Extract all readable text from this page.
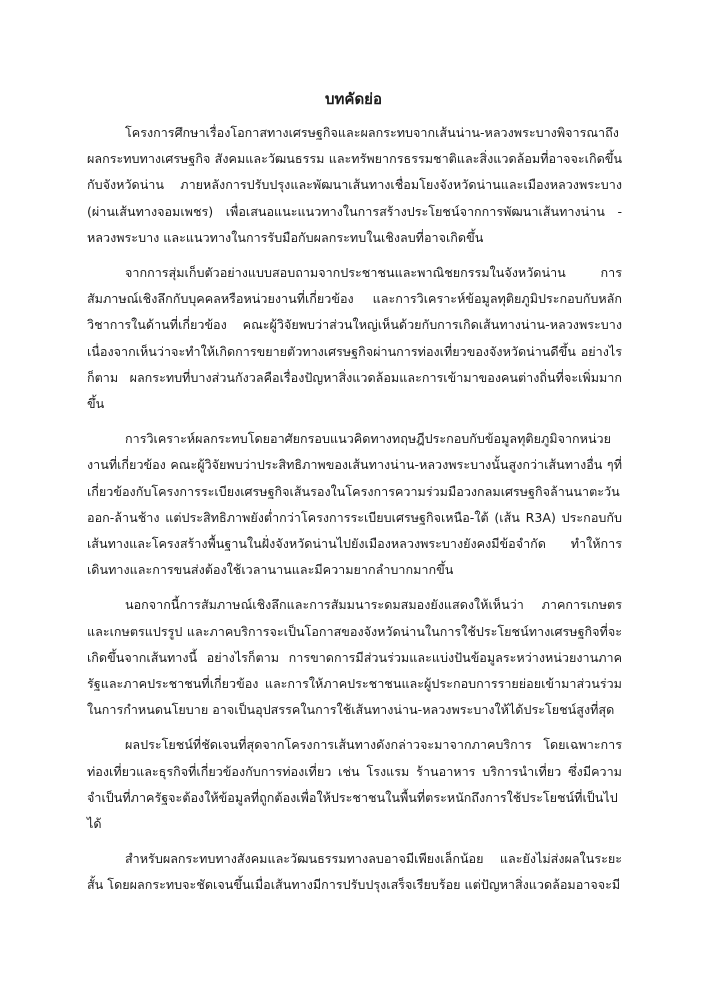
บทคัดย่อ

โครงการศึกษาเรื่องโอกาสทางเศรษฐกิจและผลกระทบจากเส้นน่าน-หลวงพระบางพิจารณาถึงผลกระทบทางเศรษฐกิจ สังคมและวัฒนธรรม และทรัพยากรธรรมชาติและสิ่งแวดล้อมที่อาจจะเกิดขึ้นกับจังหวัดน่าน ภายหลังการปรับปรุงและพัฒนาเส้นทางเชื่อมโยงจังหวัดน่านและเมืองหลวงพระบาง (ผ่านเส้นทางจอมเพชร) เพื่อเสนอแนะแนวทางในการสร้างประโยชน์จากการพัฒนาเส้นทางน่าน - หลวงพระบาง และแนวทางในการรับมือกับผลกระทบในเชิงลบที่อาจเกิดขึ้น

จากการสุ่มเก็บตัวอย่างแบบสอบถามจากประชาชนและพาณิชยกรรมในจังหวัดน่าน การสัมภาษณ์เชิงลึกกับบุคคลหรือหน่วยงานที่เกี่ยวข้อง และการวิเคราะห์ข้อมูลทุติยภูมิประกอบกับหลักวิชาการในด้านที่เกี่ยวข้อง คณะผู้วิจัยพบว่าส่วนใหญ่เห็นด้วยกับการเกิดเส้นทางน่าน-หลวงพระบาง เนื่องจากเห็นว่าจะทำให้เกิดการขยายตัวทางเศรษฐกิจผ่านการท่องเที่ยวของจังหวัดน่านดีขึ้น อย่างไรก็ตาม ผลกระทบที่บางส่วนกังวลคือเรื่องปัญหาสิ่งแวดล้อมและการเข้ามาของคนต่างถิ่นที่จะเพิ่มมากขึ้น

การวิเคราะห์ผลกระทบโดยอาศัยกรอบแนวคิดทางทฤษฎีประกอบกับข้อมูลทุติยภูมิจากหน่วยงานที่เกี่ยวข้อง คณะผู้วิจัยพบว่าประสิทธิภาพของเส้นทางน่าน-หลวงพระบางนั้นสูงกว่าเส้นทางอื่น ๆที่เกี่ยวข้องกับโครงการระเบียงเศรษฐกิจเส้นรองในโครงการความร่วมมือวงกลมเศรษฐกิจล้านนาตะวันออก-ล้านช้าง แต่ประสิทธิภาพยังต่ำกว่าโครงการระเบียบเศรษฐกิจเหนือ-ใต้ (เส้น R3A) ประกอบกับเส้นทางและโครงสร้างพื้นฐานในฝั่งจังหวัดน่านไปยังเมืองหลวงพระบางยังคงมีข้อจำกัด ทำให้การเดินทางและการขนส่งต้องใช้เวลานานและมีความยากลำบากมากขึ้น

นอกจากนี้การสัมภาษณ์เชิงลึกและการสัมมนาระดมสมองยังแสดงให้เห็นว่า ภาคการเกษตรและเกษตรแปรรูป และภาคบริการจะเป็นโอกาสของจังหวัดน่านในการใช้ประโยชน์ทางเศรษฐกิจที่จะเกิดขึ้นจากเส้นทางนี้ อย่างไรก็ตาม การขาดการมีส่วนร่วมและแบ่งปันข้อมูลระหว่างหน่วยงานภาครัฐและภาคประชาชนที่เกี่ยวข้อง และการให้ภาคประชาชนและผู้ประกอบการรายย่อยเข้ามาส่วนร่วมในการกำหนดนโยบาย อาจเป็นอุปสรรคในการใช้เส้นทางน่าน-หลวงพระบางให้ได้ประโยชน์สูงที่สุด

ผลประโยชน์ที่ชัดเจนที่สุดจากโครงการเส้นทางดังกล่าวจะมาจากภาคบริการ โดยเฉพาะการท่องเที่ยวและธุรกิจที่เกี่ยวข้องกับการท่องเที่ยว เช่น โรงแรม ร้านอาหาร บริการนำเที่ยว ซึ่งมีความจำเป็นที่ภาครัฐจะต้องให้ข้อมูลที่ถูกต้องเพื่อให้ประชาชนในพื้นที่ตระหนักถึงการใช้ประโยชน์ที่เป็นไปได้

สำหรับผลกระทบทางสังคมและวัฒนธรรมทางลบอาจมีเพียงเล็กน้อย และยังไม่ส่งผลในระยะสั้น โดยผลกระทบจะชัดเจนขึ้นเมื่อเส้นทางมีการปรับปรุงเสร็จเรียบร้อย แต่ปัญหาสิ่งแวดล้อมอาจจะมี
